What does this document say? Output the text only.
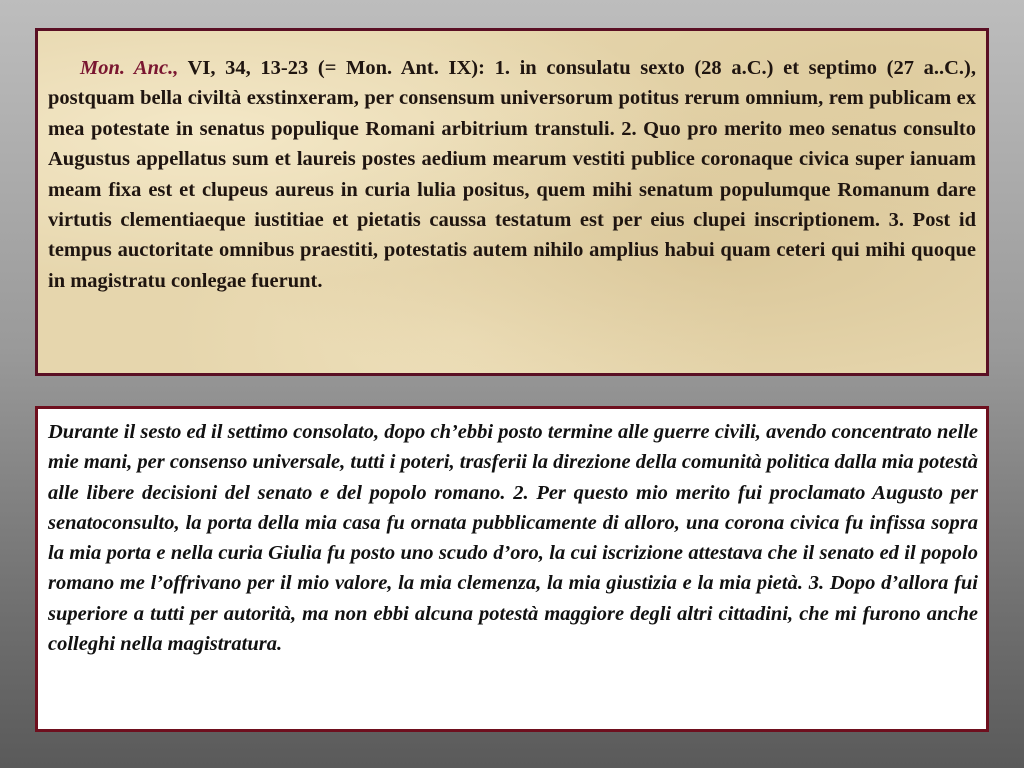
Mon. Anc., VI, 34, 13-23 (= Mon. Ant. IX): 1. in consulatu sexto (28 a.C.) et septimo (27 a..C.), postquam bella civiltà exstinxeram, per consensum universorum potitus rerum omnium, rem publicam ex mea potestate in senatus populique Romani arbitrium transtuli. 2. Quo pro merito meo senatus consulto Augustus appellatus sum et laureis postes aedium mearum vestiti publice coronaque civica super ianuam meam fixa est et clupeus aureus in curia lulia positus, quem mihi senatum populumque Romanum dare virtutis clementiaeque iustitiae et pietatis caussa testatum est per eius clupei inscriptionem. 3. Post id tempus auctoritate omnibus praestiti, potestatis autem nihilo amplius habui quam ceteri qui mihi quoque in magistratu conlegae fuerunt.

Durante il sesto ed il settimo consolato, dopo ch’ebbi posto termine alle guerre civili, avendo concentrato nelle mie mani, per consenso universale, tutti i poteri, trasferii la direzione della comunità politica dalla mia potestà alle libere decisioni del senato e del popolo romano. 2. Per questo mio merito fui proclamato Augusto per senatoconsulto, la porta della mia casa fu ornata pubblicamente di alloro, una corona civica fu infissa sopra la mia porta e nella curia Giulia fu posto uno scudo d’oro, la cui iscrizione attestava che il senato ed il popolo romano me l’offrivano per il mio valore, la mia clemenza, la mia giustizia e la mia pietà. 3. Dopo d’allora fui superiore a tutti per autorità, ma non ebbi alcuna potestà maggiore degli altri cittadini, che mi furono anche colleghi nella magistratura.
